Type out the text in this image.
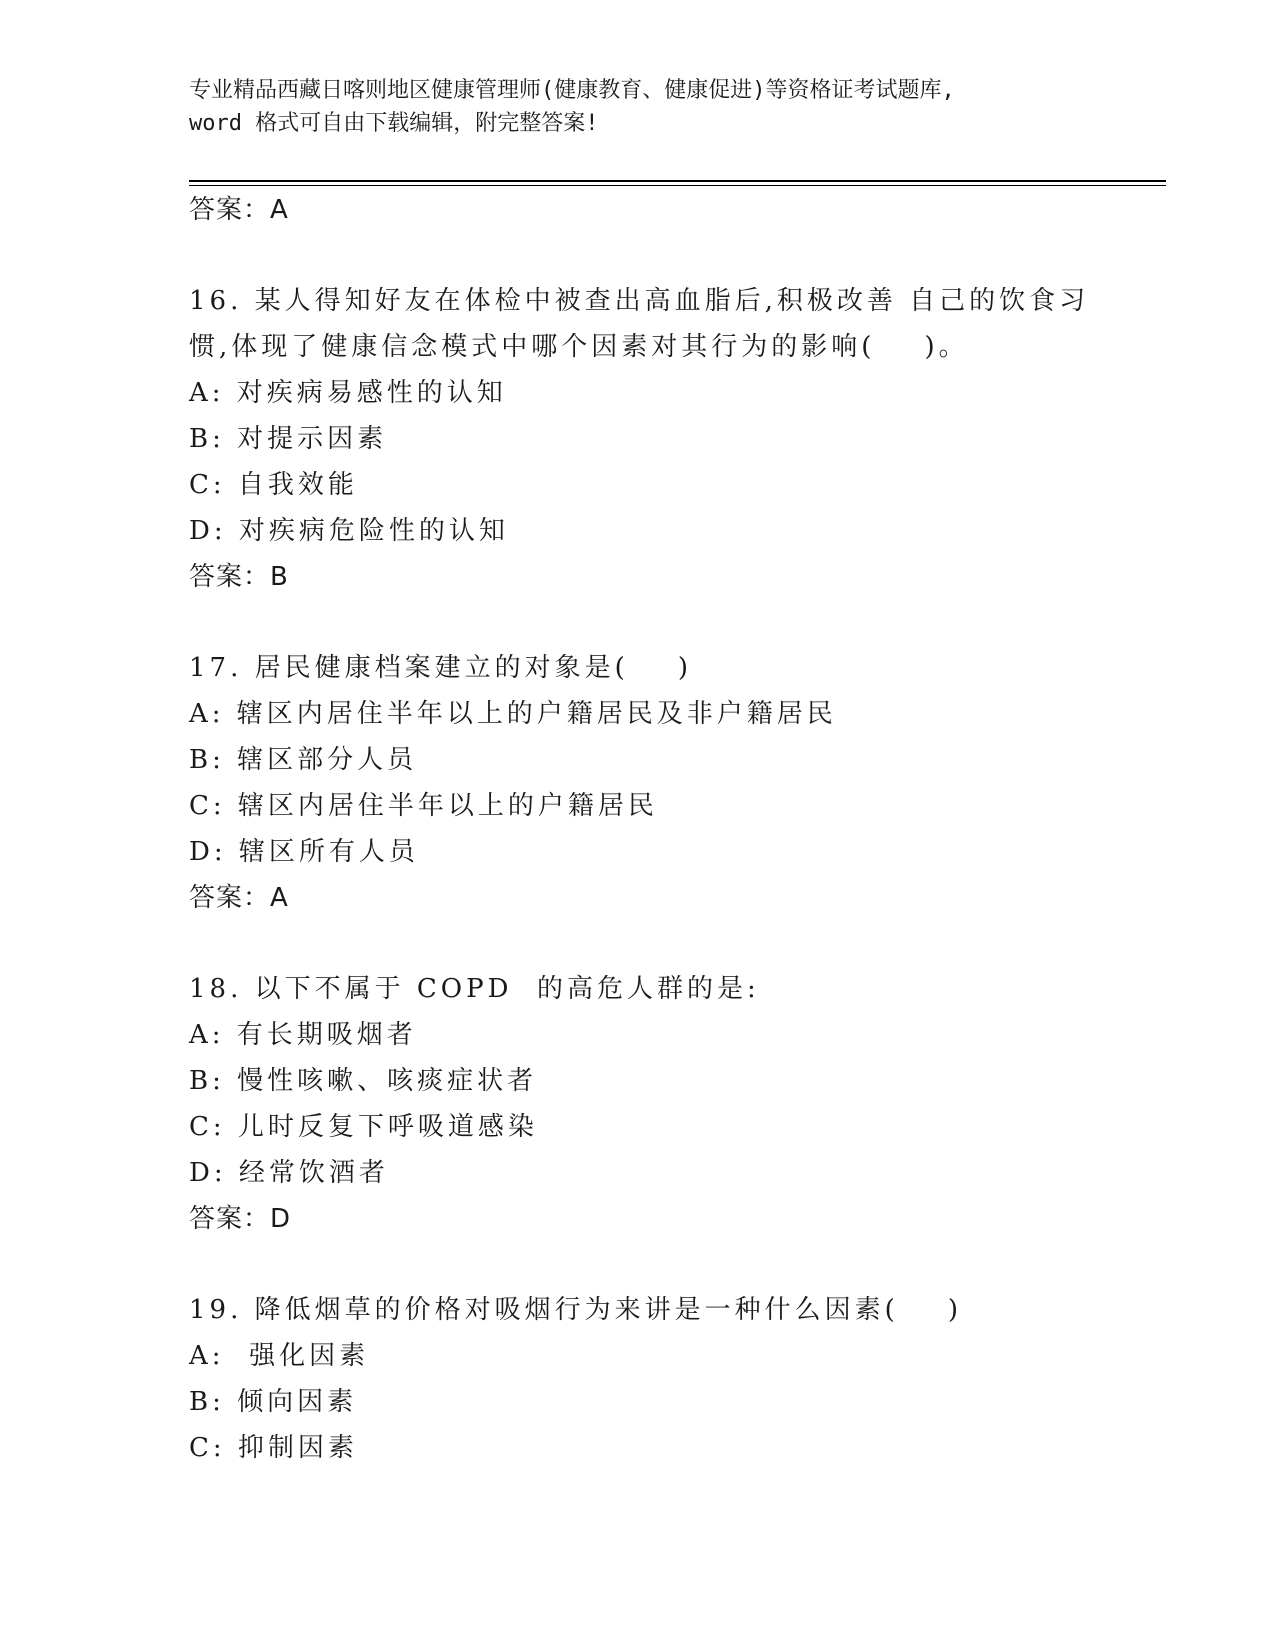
专业精品西藏日喀则地区健康管理师(健康教育、健康促进)等资格证考试题库,
word 格式可自由下载编辑，附完整答案!
答案：A
16. 某人得知好友在体检中被查出高血脂后,积极改善 自己的饮食习
惯,体现了健康信念模式中哪个因素对其行为的影响(    )。
A: 对疾病易感性的认知
B: 对提示因素
C: 自我效能
D: 对疾病危险性的认知
答案：B
17. 居民健康档案建立的对象是(    )
A: 辖区内居住半年以上的户籍居民及非户籍居民
B: 辖区部分人员
C: 辖区内居住半年以上的户籍居民
D: 辖区所有人员
答案：A
18. 以下不属于 COPD  的高危人群的是:
A: 有长期吸烟者
B: 慢性咳嗽、咳痰症状者
C: 儿时反复下呼吸道感染
D: 经常饮酒者
答案：D
19. 降低烟草的价格对吸烟行为来讲是一种什么因素(    )
A:  强化因素
B: 倾向因素
C: 抑制因素
